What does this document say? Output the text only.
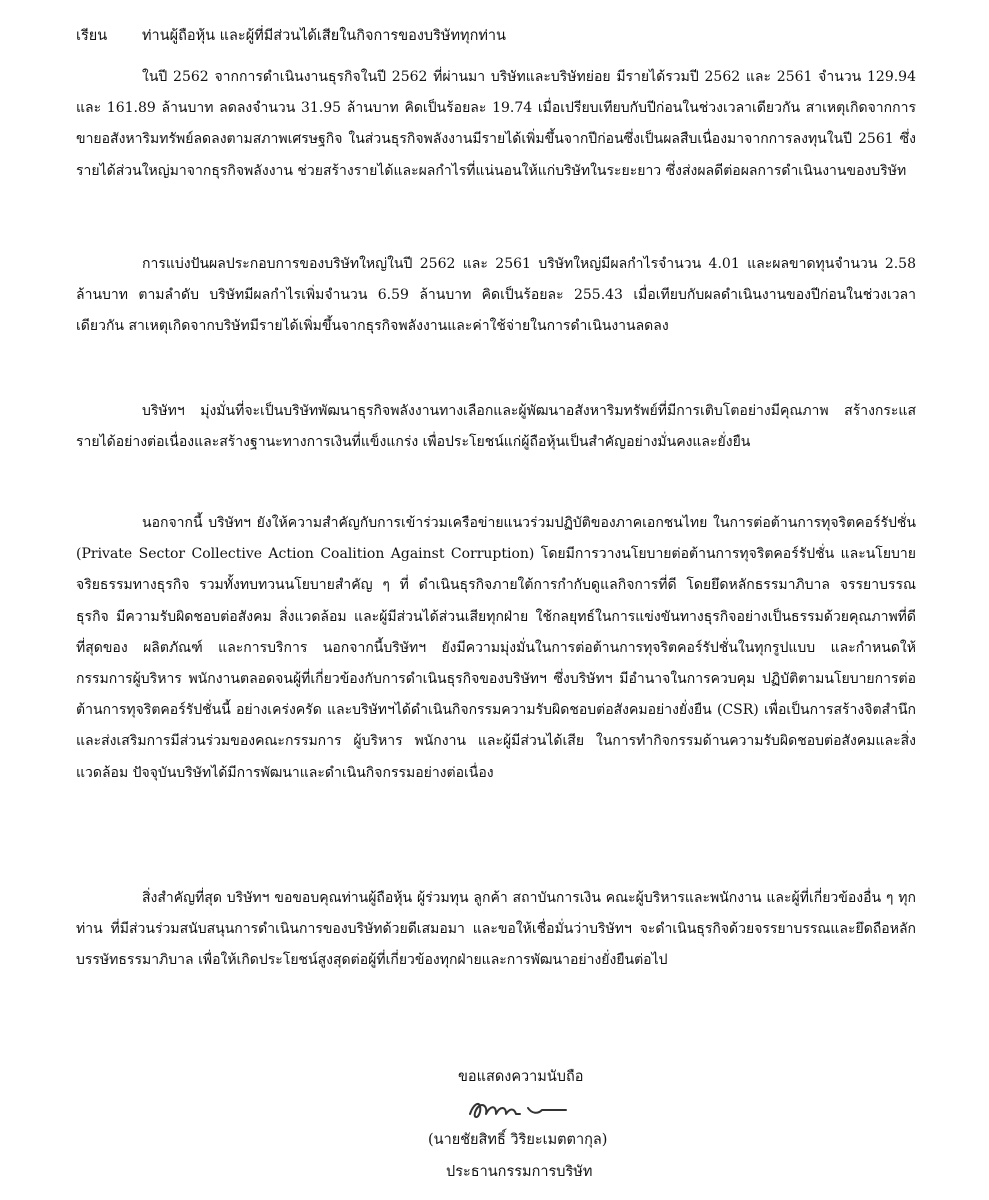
เรียน ท่านผู้ถือหุ้น และผู้ที่มีส่วนได้เสียในกิจการของบริษัททุกท่าน

ในปี 2562 จากการดำเนินงานธุรกิจในปี 2562 ที่ผ่านมา บริษัทและบริษัทย่อย มีรายได้รวมปี 2562 และ 2561 จำนวน 129.94 และ 161.89 ล้านบาท ลดลงจำนวน 31.95 ล้านบาท คิดเป็นร้อยละ 19.74 เมื่อเปรียบเทียบกับปีก่อนในช่วงเวลาเดียวกัน สาเหตุเกิดจากการขายอสังหาริมทรัพย์ลดลงตามสภาพเศรษฐกิจ ในส่วนธุรกิจพลังงานมีรายได้เพิ่มขึ้นจากปีก่อนซึ่งเป็นผลสืบเนื่องมาจากการลงทุนในปี 2561 ซึ่งรายได้ส่วนใหญ่มาจากธุรกิจพลังงาน ช่วยสร้างรายได้และผลกำไรที่แน่นอนให้แก่บริษัทในระยะยาว ซึ่งส่งผลดีต่อผลการดำเนินงานของบริษัท

การแบ่งปันผลประกอบการของบริษัทใหญ่ในปี 2562 และ 2561 บริษัทใหญ่มีผลกำไรจำนวน 4.01 และผลขาดทุนจำนวน 2.58 ล้านบาท ตามลำดับ บริษัทมีผลกำไรเพิ่มจำนวน 6.59 ล้านบาท คิดเป็นร้อยละ 255.43 เมื่อเทียบกับผลดำเนินงานของปีก่อนในช่วงเวลาเดียวกัน สาเหตุเกิดจากบริษัทมีรายได้เพิ่มขึ้นจากธุรกิจพลังงานและค่าใช้จ่ายในการดำเนินงานลดลง

บริษัทฯ มุ่งมั่นที่จะเป็นบริษัทพัฒนาธุรกิจพลังงานทางเลือกและผู้พัฒนาอสังหาริมทรัพย์ที่มีการเติบโตอย่างมีคุณภาพ สร้างกระแสรายได้อย่างต่อเนื่องและสร้างฐานะทางการเงินที่แข็งแกร่ง เพื่อประโยชน์แก่ผู้ถือหุ้นเป็นสำคัญอย่างมั่นคงและยั่งยืน

นอกจากนี้ บริษัทฯ ยังให้ความสำคัญกับการเข้าร่วมเครือข่ายแนวร่วมปฏิบัติของภาคเอกชนไทย ในการต่อต้านการทุจริตคอร์รัปชั่น (Private Sector Collective Action Coalition Against Corruption) โดยมีการวางนโยบายต่อต้านการทุจริตคอร์รัปชั่น และนโยบายจริยธรรมทางธุรกิจ รวมทั้งทบทวนนโยบายสำคัญ ๆ ที่ ดำเนินธุรกิจภายใต้การกำกับดูแลกิจการที่ดี โดยยึดหลักธรรมาภิบาล จรรยาบรรณธุรกิจ มีความรับผิดชอบต่อสังคม สิ่งแวดล้อม และผู้มีส่วนได้ส่วนเสียทุกฝ่าย ใช้กลยุทธ์ในการแข่งขันทางธุรกิจอย่างเป็นธรรมด้วยคุณภาพที่ดีที่สุดของ ผลิตภัณฑ์ และการบริการ นอกจากนี้บริษัทฯ ยังมีความมุ่งมั่นในการต่อต้านการทุจริตคอร์รัปชั่นในทุกรูปแบบ และกำหนดให้กรรมการผู้บริหาร พนักงานตลอดจนผู้ที่เกี่ยวข้องกับการดำเนินธุรกิจของบริษัทฯ ซึ่งบริษัทฯ มีอำนาจในการควบคุม ปฏิบัติตามนโยบายการต่อต้านการทุจริตคอร์รัปชั่นนี้ อย่างเคร่งครัด และบริษัทฯได้ดำเนินกิจกรรมความรับผิดชอบต่อสังคมอย่างยั่งยืน (CSR) เพื่อเป็นการสร้างจิตสำนึกและส่งเสริมการมีส่วนร่วมของคณะกรรมการ ผู้บริหาร พนักงาน และผู้มีส่วนได้เสีย ในการทำกิจกรรมด้านความรับผิดชอบต่อสังคมและสิ่งแวดล้อม ปัจจุบันบริษัทได้มีการพัฒนาและดำเนินกิจกรรมอย่างต่อเนื่อง

สิ่งสำคัญที่สุด บริษัทฯ ขอขอบคุณท่านผู้ถือหุ้น ผู้ร่วมทุน ลูกค้า สถาบันการเงิน คณะผู้บริหารและพนักงาน และผู้ที่เกี่ยวข้องอื่น ๆ ทุกท่าน ที่มีส่วนร่วมสนับสนุนการดำเนินการของบริษัทด้วยดีเสมอมา และขอให้เชื่อมั่นว่าบริษัทฯ จะดำเนินธุรกิจด้วยจรรยาบรรณและยึดถือหลักบรรษัทธรรมาภิบาล เพื่อให้เกิดประโยชน์สูงสุดต่อผู้ที่เกี่ยวข้องทุกฝ่ายและการพัฒนาอย่างยั่งยืนต่อไป

ขอแสดงความนับถือ
(นายชัยสิทธิ์ วิริยะเมตตากุล)
ประธานกรรมการบริษัท
